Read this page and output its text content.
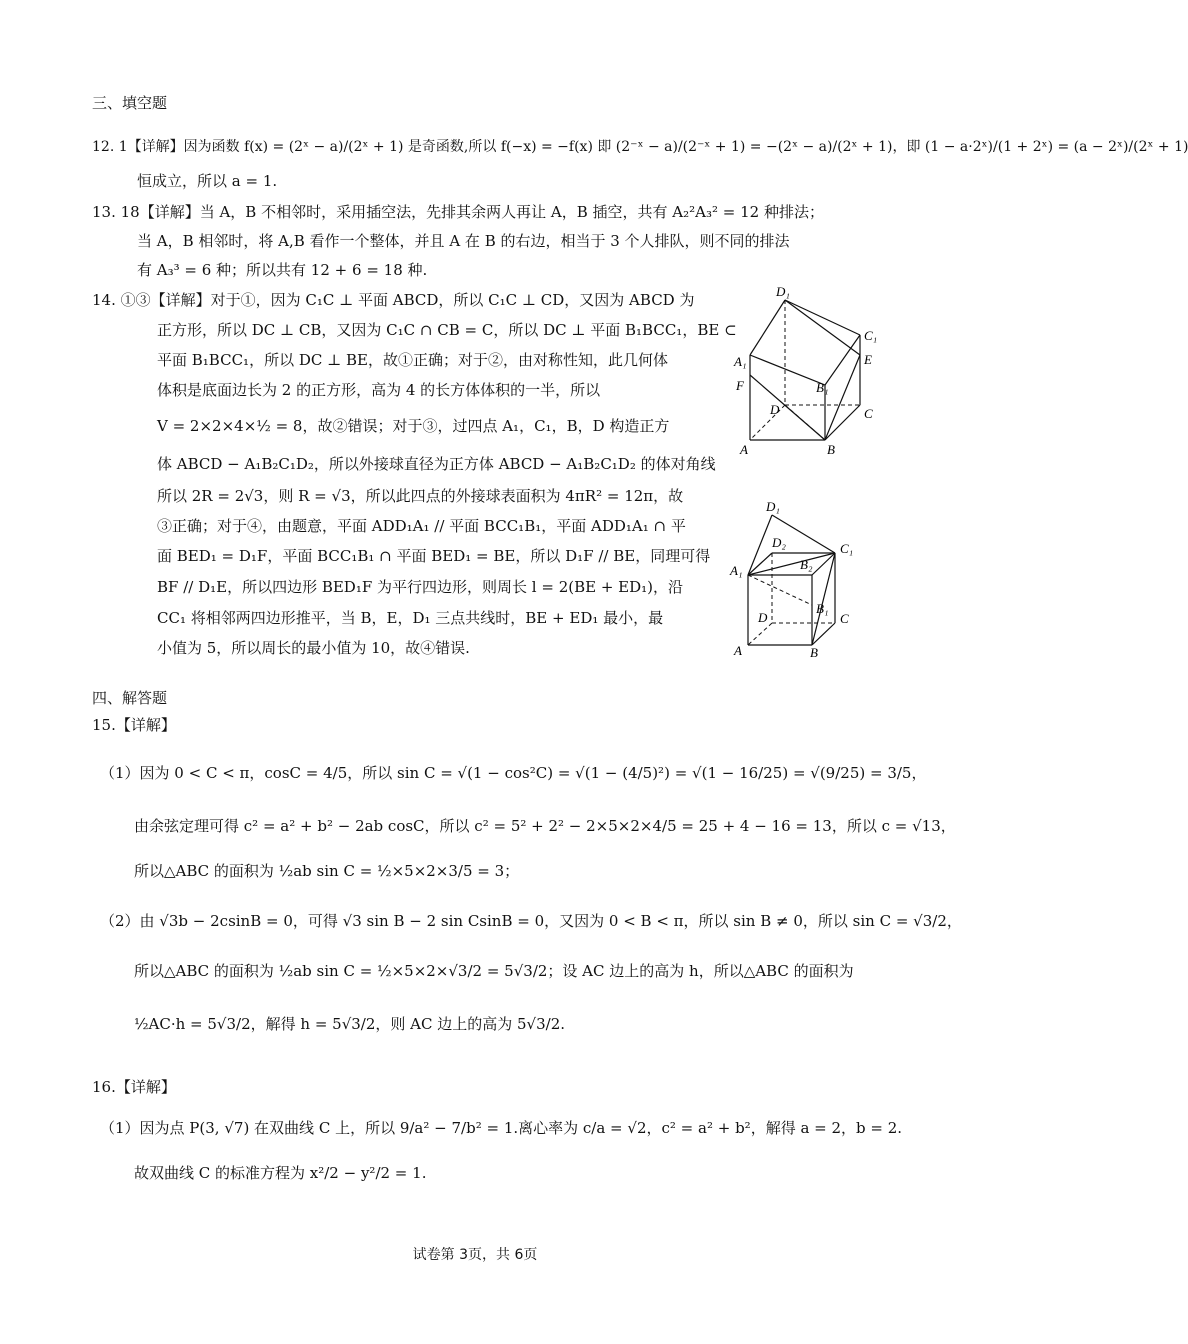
三、填空题
12. 1【详解】因为函数 f(x) = (2ˣ − a)/(2ˣ + 1) 是奇函数,所以 f(−x) = −f(x) 即 (2⁻ˣ − a)/(2⁻ˣ + 1) = −(2ˣ − a)/(2ˣ + 1)，即 (1 − a·2ˣ)/(1 + 2ˣ) = (a − 2ˣ)/(2ˣ + 1)
恒成立，所以 a = 1.
13. 18【详解】当 A，B 不相邻时，采用插空法，先排其余两人再让 A，B 插空，共有 A₂²A₃² = 12 种排法；
当 A，B 相邻时，将 A,B 看作一个整体，并且 A 在 B 的右边，相当于 3 个人排队，则不同的排法
有 A₃³ = 6 种；所以共有 12 + 6 = 18 种.
14. ①③【详解】对于①，因为 C₁C ⊥ 平面 ABCD，所以 C₁C ⊥ CD，又因为 ABCD 为
正方形，所以 DC ⊥ CB，又因为 C₁C ∩ CB = C，所以 DC ⊥ 平面 B₁BCC₁，BE ⊂
平面 B₁BCC₁，所以 DC ⊥ BE，故①正确；对于②，由对称性知，此几何体
体积是底面边长为 2 的正方形，高为 4 的长方体体积的一半，所以
V = 2×2×4×½ = 8，故②错误；对于③，过四点 A₁，C₁，B，D 构造正方
体 ABCD − A₁B₂C₁D₂，所以外接球直径为正方体 ABCD − A₁B₂C₁D₂ 的体对角线
所以 2R = 2√3，则 R = √3，所以此四点的外接球表面积为 4πR² = 12π，故
③正确；对于④，由题意，平面 ADD₁A₁ // 平面 BCC₁B₁，平面 ADD₁A₁ ∩ 平
面 BED₁ = D₁F，平面 BCC₁B₁ ∩ 平面 BED₁ = BE，所以 D₁F // BE，同理可得
BF // D₁E，所以四边形 BED₁F 为平行四边形，则周长 l = 2(BE + ED₁)，沿
CC₁ 将相邻两四边形推平，当 B，E，D₁ 三点共线时，BE + ED₁ 最小，最
小值为 5，所以周长的最小值为 10，故④错误.
D₁
C₁
A₁	E
F	B₁
D	C
A	B
D₁
D₂	C₁
B₂
A₁
D
B₁
C
A	B
四、解答题
15.【详解】
（1）因为 0 < C < π，cosC = 4/5，所以 sin C = √(1 − cos²C) = √(1 − (4/5)²) = √(1 − 16/25) = √(9/25) = 3/5，
由余弦定理可得 c² = a² + b² − 2ab cosC，所以 c² = 5² + 2² − 2×5×2×4/5 = 25 + 4 − 16 = 13，所以 c = √13，
所以△ABC 的面积为 ½ab sin C = ½×5×2×3/5 = 3；
（2）由 √3b − 2csinB = 0，可得 √3 sin B − 2 sin CsinB = 0，又因为 0 < B < π，所以 sin B ≠ 0，所以 sin C = √3/2，
所以△ABC 的面积为 ½ab sin C = ½×5×2×√3/2 = 5√3/2；设 AC 边上的高为 h，所以△ABC 的面积为
½AC·h = 5√3/2，解得 h = 5√3/2，则 AC 边上的高为 5√3/2.
16.【详解】
（1）因为点 P(3, √7) 在双曲线 C 上，所以 9/a² − 7/b² = 1.离心率为 c/a = √2，c² = a² + b²，解得 a = 2，b = 2.
故双曲线 C 的标准方程为 x²/2 − y²/2 = 1.
试卷第 3页，共 6页
